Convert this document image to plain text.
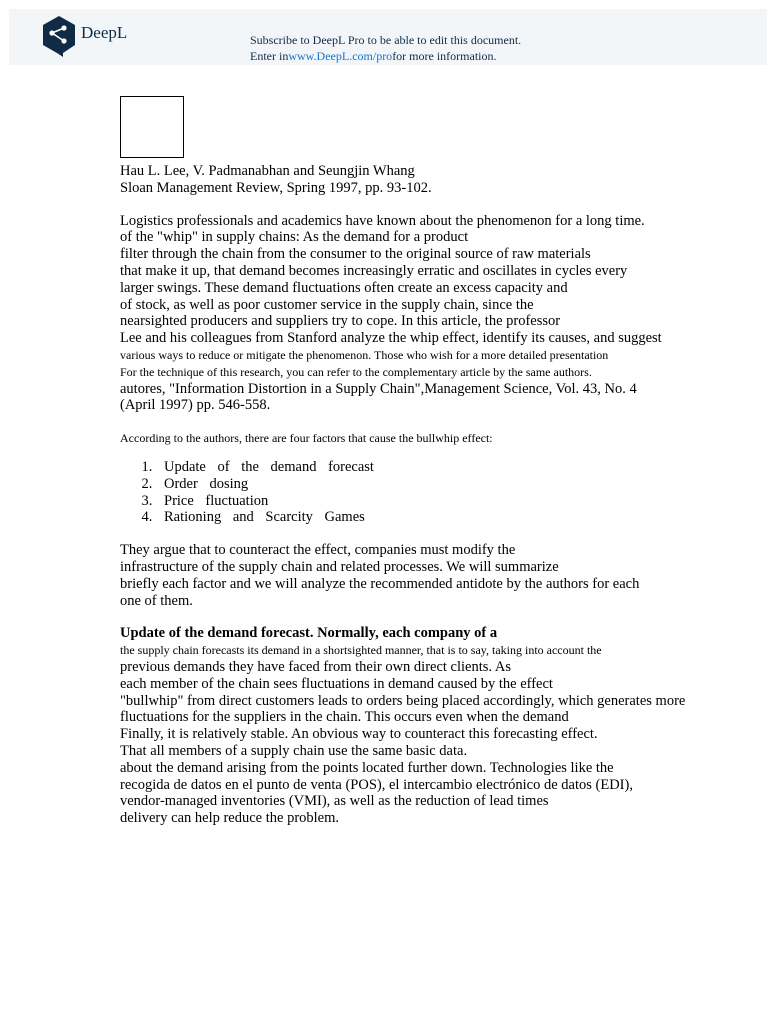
DeepL	Subscribe to DeepL Pro to be able to edit this document.
Enter inwww.DeepL.com/profor more information.
Hau L. Lee, V. Padmanabhan and Seungjin Whang
Sloan Management Review, Spring 1997, pp. 93-102.
Logistics professionals and academics have known about the phenomenon for a long time.
of the "whip" in supply chains: As the demand for a product
filter through the chain from the consumer to the original source of raw materials
that make it up, that demand becomes increasingly erratic and oscillates in cycles every
larger swings. These demand fluctuations often create an excess capacity and
of stock, as well as poor customer service in the supply chain, since the
nearsighted producers and suppliers try to cope. In this article, the professor
Lee and his colleagues from Stanford analyze the whip effect, identify its causes, and suggest
various ways to reduce or mitigate the phenomenon. Those who wish for a more detailed presentation
For the technique of this research, you can refer to the complementary article by the same authors.
autores, "Information Distortion in a Supply Chain",Management Science, Vol. 43, No. 4
(April 1997) pp. 546-558.
According to the authors, there are four factors that cause the bullwhip effect:
1. Update of the demand forecast
2. Order dosing
3. Price fluctuation
4. Rationing and Scarcity Games
They argue that to counteract the effect, companies must modify the
infrastructure of the supply chain and related processes. We will summarize
briefly each factor and we will analyze the recommended antidote by the authors for each
one of them.
Update of the demand forecast. Normally, each company of a
the supply chain forecasts its demand in a shortsighted manner, that is to say, taking into account the
previous demands they have faced from their own direct clients. As
each member of the chain sees fluctuations in demand caused by the effect
"bullwhip" from direct customers leads to orders being placed accordingly, which generates more
fluctuations for the suppliers in the chain. This occurs even when the demand
Finally, it is relatively stable. An obvious way to counteract this forecasting effect.
That all members of a supply chain use the same basic data.
about the demand arising from the points located further down. Technologies like the
recogida de datos en el punto de venta (POS), el intercambio electrónico de datos (EDI),
vendor-managed inventories (VMI), as well as the reduction of lead times
delivery can help reduce the problem.
